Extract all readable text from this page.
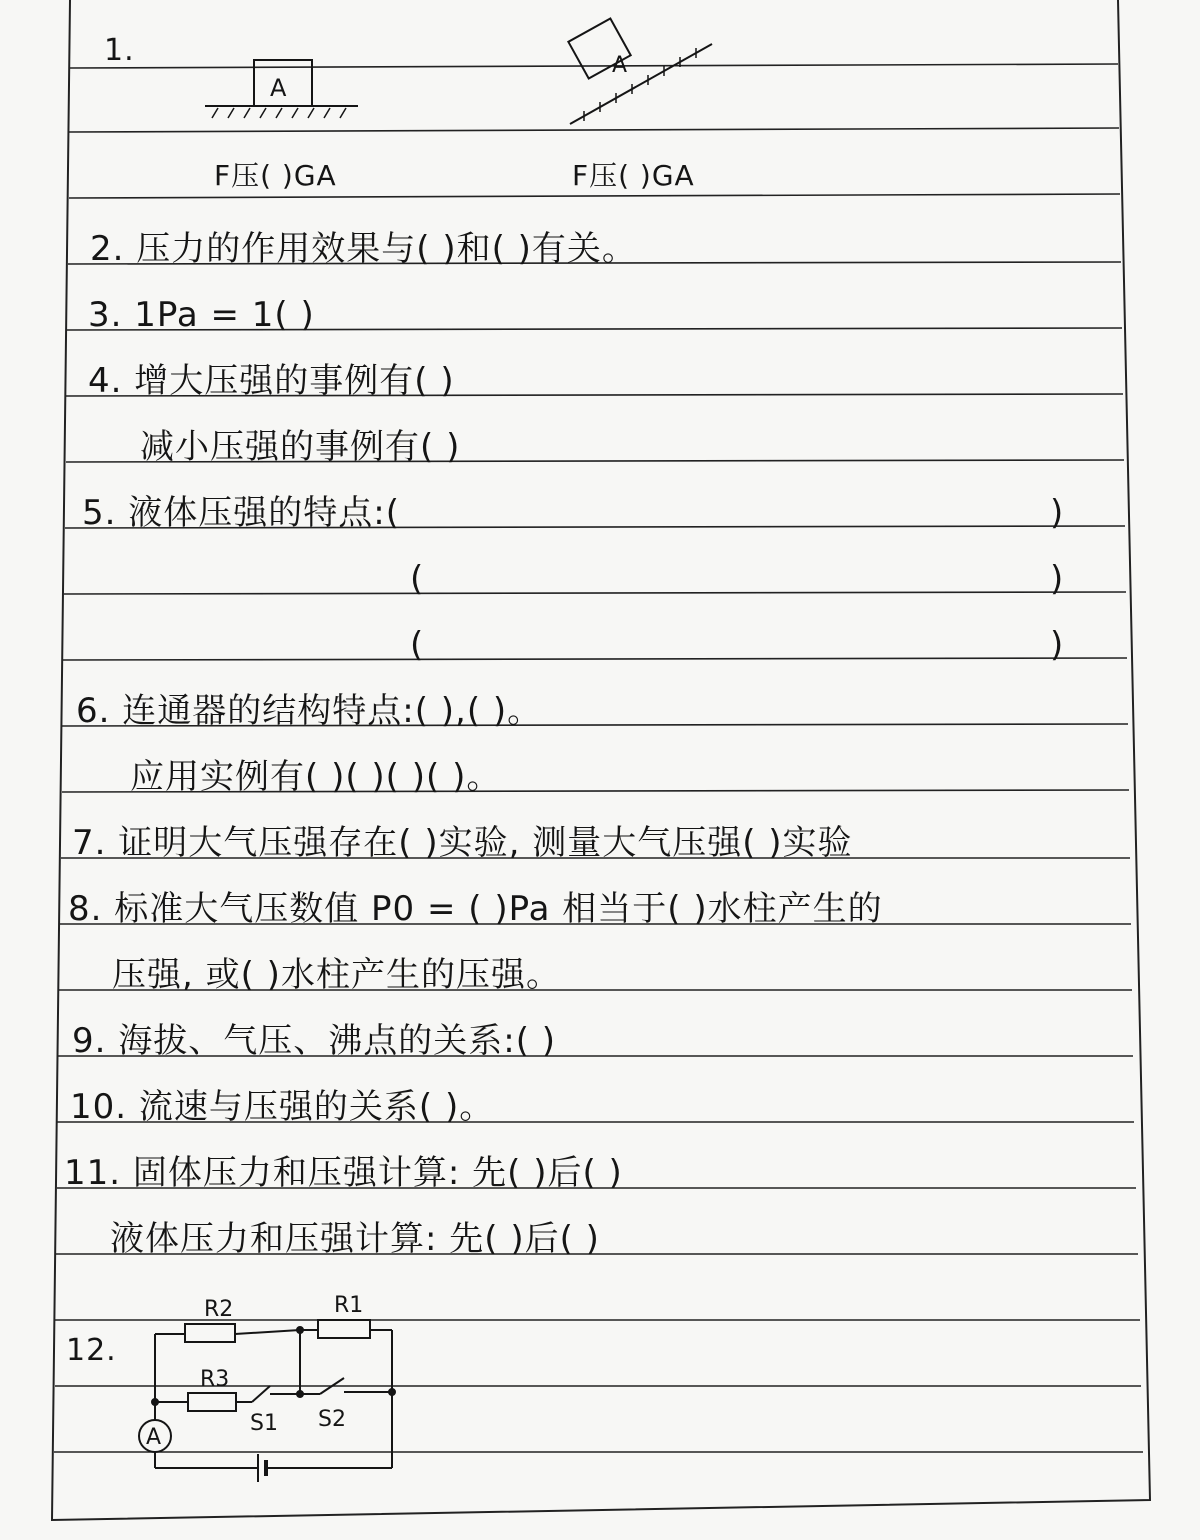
A
A
R2	R1
R3
S1 S2
A
1.
F压( )GA	F压( )GA
2. 压力的作用效果与( )和( )有关。
3. 1Pa = 1( )
4. 增大压强的事例有( )
减小压强的事例有( )
5. 液体压强的特点:(	)
(	)
(	)
6. 连通器的结构特点:( ),( )。
应用实例有( )( )( )( )。
7. 证明大气压强存在( )实验, 测量大气压强( )实验
8. 标准大气压数值 P0 = ( )Pa 相当于( )水柱产生的
压强, 或( )水柱产生的压强。
9. 海拔、气压、沸点的关系:( )
10. 流速与压强的关系( )。
11. 固体压力和压强计算: 先( )后( )
液体压力和压强计算: 先( )后( )
12.
